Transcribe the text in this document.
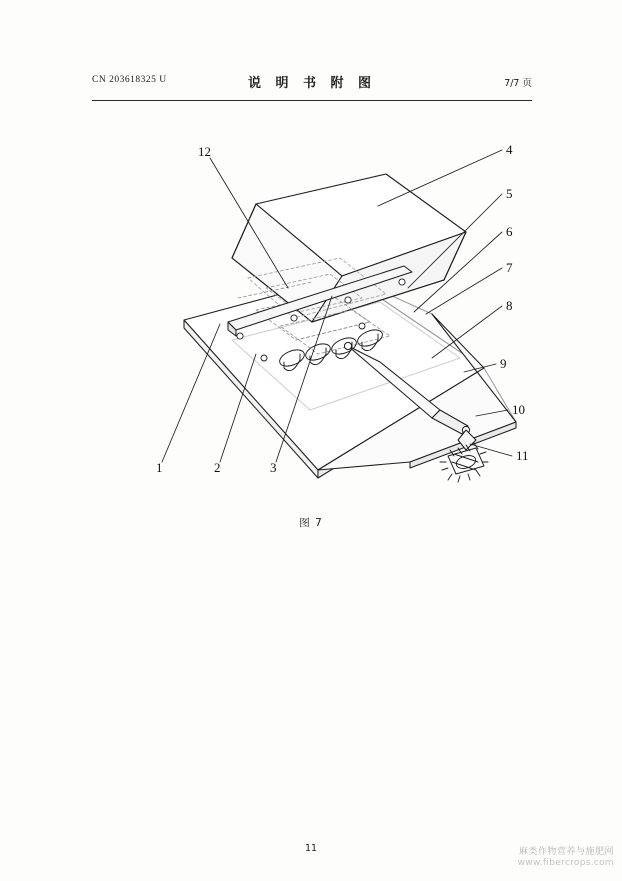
CN 203618325 U	说 明 书 附 图	7/7 页
12	4
5
6
7
8
9
10
11
1	2	3
图 7
11	麻类作物营养与施肥网
www.fibercrops.com
